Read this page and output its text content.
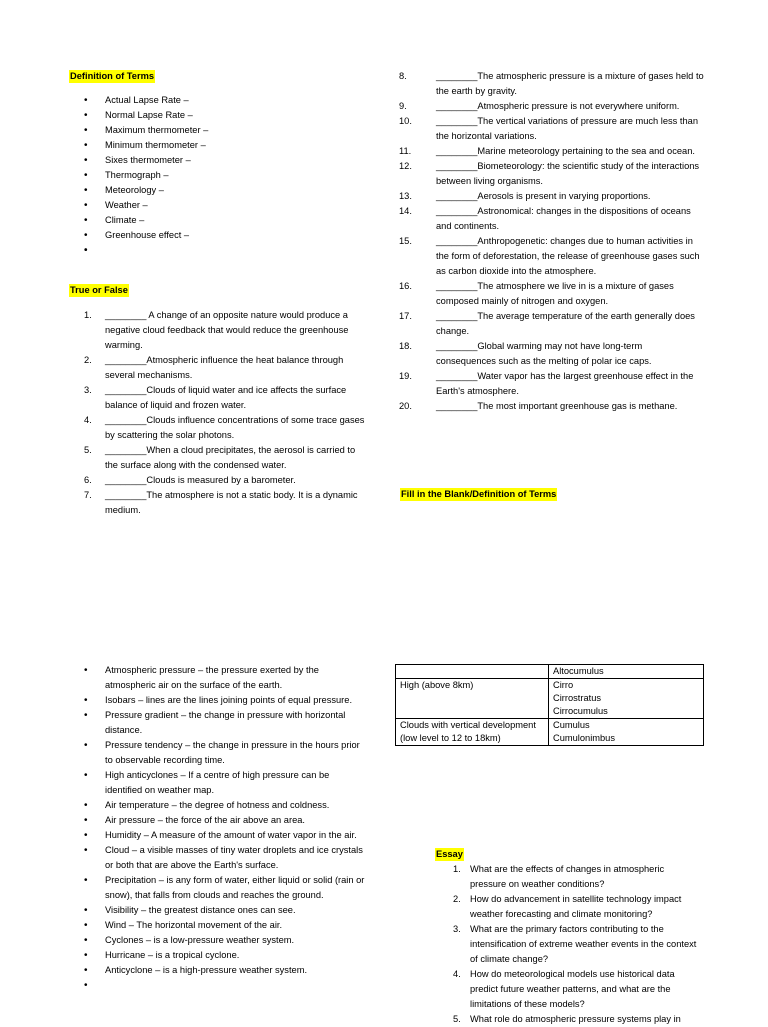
Definition of Terms
• Actual Lapse Rate –
• Normal Lapse Rate –
• Maximum thermometer –
• Minimum thermometer –
• Sixes thermometer –
• Thermograph –
• Meteorology –
• Weather –
• Climate –
• Greenhouse effect –
True or False
1.	________ A change of an opposite nature would produce a negative cloud feedback that would reduce the greenhouse warming.
2.	________Atmospheric influence the heat balance through several mechanisms.
3.	________Clouds of liquid water and ice affects the surface balance of liquid and frozen water.
4.	________Clouds influence concentrations of some trace gases by scattering the solar photons.
5.	________When a cloud precipitates, the aerosol is carried to the surface along with the condensed water.
6.	________Clouds is measured by a barometer.
7.	________The atmosphere is not a static body. It is a dynamic medium.
8.	________The atmospheric pressure is a mixture of gases held to the earth by gravity.
9.	________Atmospheric pressure is not everywhere uniform.
10.	________The vertical variations of pressure are much less than the horizontal variations.
11.	________Marine meteorology pertaining to the sea and ocean.
12.	________Biometeorology: the scientific study of the interactions between living organisms.
13.	________Aerosols is present in varying proportions.
14.	________Astronomical: changes in the dispositions of oceans and continents.
15.	________Anthropogenetic: changes due to human activities in the form of deforestation, the release of greenhouse gases such as carbon dioxide into the atmosphere.
16.	________The atmosphere we live in is a mixture of gases composed mainly of nitrogen and oxygen.
17.	________The average temperature of the earth generally does change.
18.	________Global warming may not have long-term consequences such as the melting of polar ice caps.
19.	________Water vapor has the largest greenhouse effect in the Earth's atmosphere.
20.	________The most important greenhouse gas is methane.
Fill in the Blank/Definition of Terms
• Atmospheric pressure – the pressure exerted by the atmospheric air on the surface of the earth.
• Isobars – lines are the lines joining points of equal pressure.
• Pressure gradient – the change in pressure with horizontal distance.
• Pressure tendency – the change in pressure in the hours prior to observable recording time.
• High anticyclones – If a centre of high pressure can be identified on weather map.
• Air temperature – the degree of hotness and coldness.
• Air pressure – the force of the air above an area.
• Humidity – A measure of the amount of water vapor in the air.
• Cloud – a visible masses of tiny water droplets and ice crystals or both that are above the Earth's surface.
• Precipitation – is any form of water, either liquid or solid (rain or snow), that falls from clouds and reaches the ground.
• Visibility – the greatest distance ones can see.
• Wind – The horizontal movement of the air.
• Cyclones – is a low-pressure weather system.
• Hurricane – is a tropical cyclone.
• Anticyclone – is a high-pressure weather system.

	Altocumulus

High (above 8km)	Cirro
Cirrostratus
Cirrocumulus

Clouds with vertical development (low level to 12 to 18km)	Cumulus
Cumulonimbus
Essay
1. What are the effects of changes in atmospheric pressure on weather conditions?
2. How do advancement in satellite technology impact weather forecasting and climate monitoring?
3. What are the primary factors contributing to the intensification of extreme weather events in the context of climate change?
4. How do meteorological models use historical data predict future weather patterns, and what are the limitations of these models?
5. What role do atmospheric pressure systems play in
